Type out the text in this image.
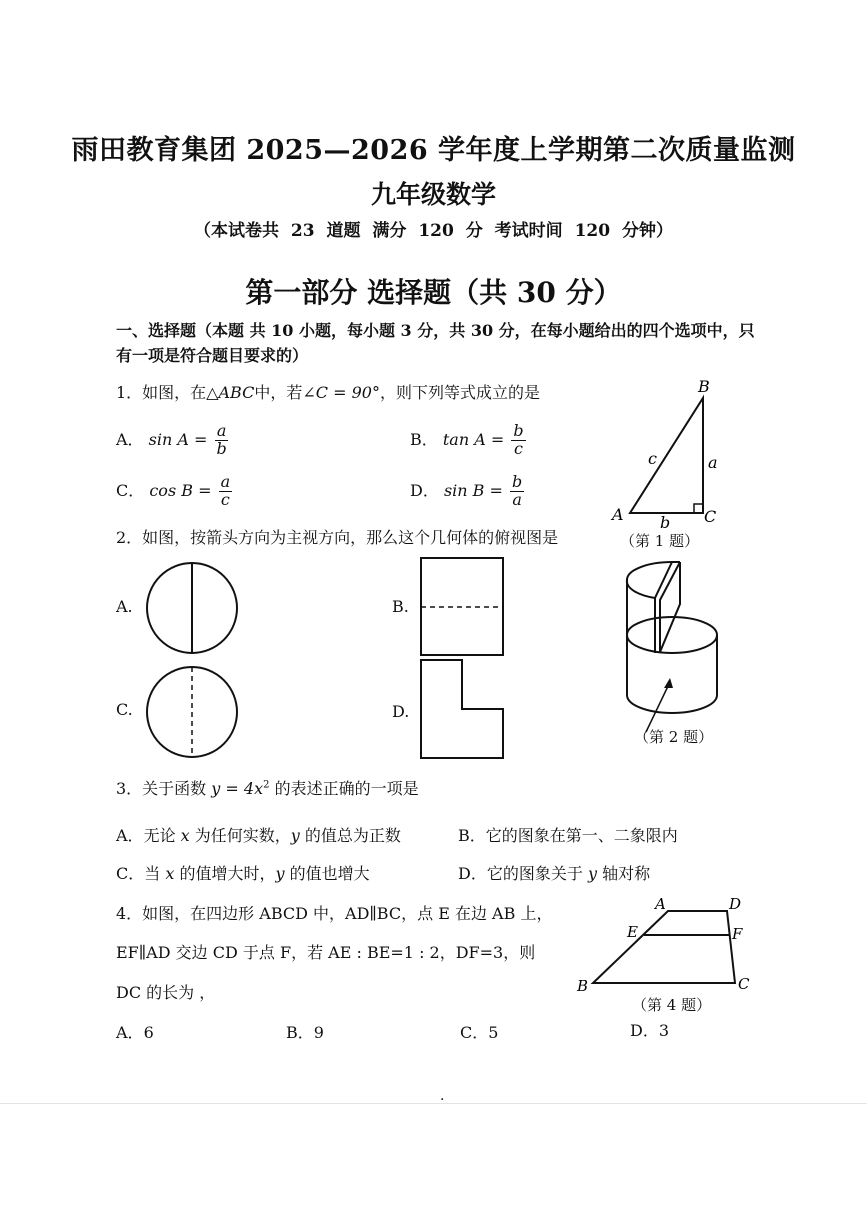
雨田教育集团 2025—2026 学年度上学期第二次质量监测
九年级数学
（本试卷共 23 道题 满分 120 分 考试时间 120 分钟）
第一部分 选择题（共 30 分）
一、选择题（本题 共 10 小题，每小题 3 分，共 30 分，在每小题给出的四个选项中，只
有一项是符合题目要求的）
1．如图，在△ABC中，若∠C = 90°，则下列等式成立的是
A． $\sin A = \frac{a}{b}$	B． $\tan A = \frac{b}{c}$
C． $\cos B = \frac{a}{c}$	D． $\sin B = \frac{b}{a}$
A
B
C
a
b
c
（第 1 题）
2．如图，按箭头方向为主视方向，那么这个几何体的俯视图是
A.	B.
C.	D.
（第 2 题）
3．关于函数 $y = 4x^2$ 的表述正确的一项是
A．无论 x 为任何实数，y 的值总为正数	B．它的图象在第一、二象限内
C．当 x 的值增大时，y 的值也增大	D．它的图象关于 y 轴对称
4．如图，在四边形 ABCD 中，AD∥BC，点 E 在边 AB 上，
EF∥AD 交边 CD 于点 F，若 AE : BE=1 : 2，DF=3，则
DC 的长为 ，
A．6	B．9	C．5	D．3
A	D
E	F
B	C
（第 4 题）
·
